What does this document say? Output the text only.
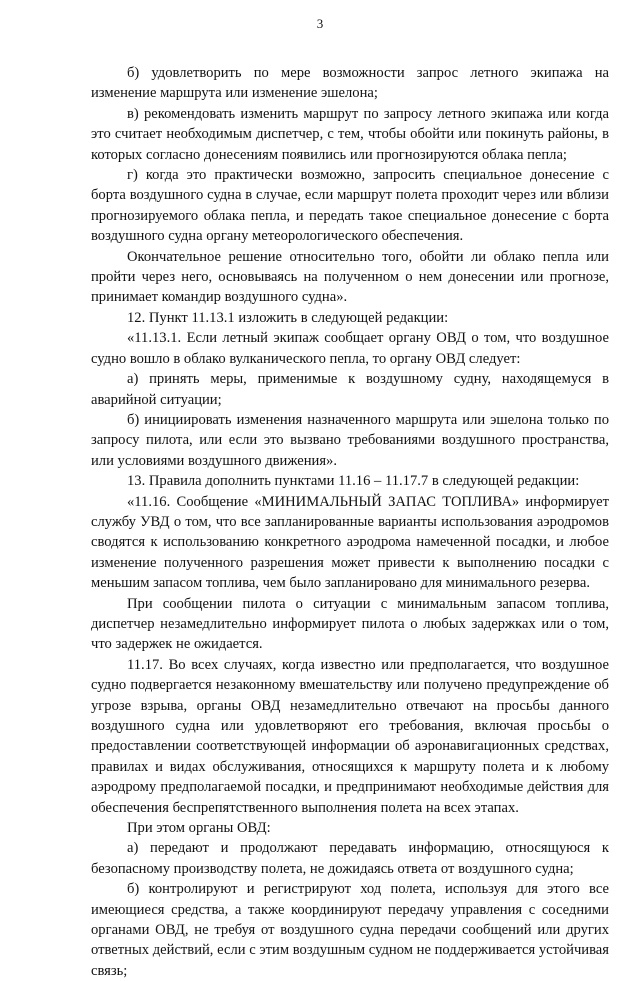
3

б) удовлетворить по мере возможности запрос летного экипажа на изменение маршрута или изменение эшелона;

в) рекомендовать изменить маршрут по запросу летного экипажа или когда это считает необходимым диспетчер, с тем, чтобы обойти или покинуть районы, в которых согласно донесениям появились или прогнозируются облака пепла;

г) когда это практически возможно, запросить специальное донесение с борта воздушного судна в случае, если маршрут полета проходит через или вблизи прогнозируемого облака пепла, и передать такое специальное донесение с борта воздушного судна органу метеорологического обеспечения.

Окончательное решение относительно того, обойти ли облако пепла или пройти через него, основываясь на полученном о нем донесении или прогнозе, принимает командир воздушного судна».

12. Пункт 11.13.1 изложить в следующей редакции:

«11.13.1. Если летный экипаж сообщает органу ОВД о том, что воздушное судно вошло в облако вулканического пепла, то органу ОВД следует:

а) принять меры, применимые к воздушному судну, находящемуся в аварийной ситуации;

б) инициировать изменения назначенного маршрута или эшелона только по запросу пилота, или если это вызвано требованиями воздушного пространства, или условиями воздушного движения».

13. Правила дополнить пунктами 11.16 – 11.17.7 в следующей редакции:

«11.16. Сообщение «МИНИМАЛЬНЫЙ ЗАПАС ТОПЛИВА» информирует службу УВД о том, что все запланированные варианты использования аэродромов сводятся к использованию конкретного аэродрома намеченной посадки, и любое изменение полученного разрешения может привести к выполнению посадки с меньшим запасом топлива, чем было запланировано для минимального резерва.

При сообщении пилота о ситуации с минимальным запасом топлива, диспетчер незамедлительно информирует пилота о любых задержках или о том, что задержек не ожидается.

11.17. Во всех случаях, когда известно или предполагается, что воздушное судно подвергается незаконному вмешательству или получено предупреждение об угрозе взрыва, органы ОВД незамедлительно отвечают на просьбы данного воздушного судна или удовлетворяют его требования, включая просьбы о предоставлении соответствующей информации об аэронавигационных средствах, правилах и видах обслуживания, относящихся к маршруту полета и к любому аэродрому предполагаемой посадки, и предпринимают необходимые действия для обеспечения беспрепятственного выполнения полета на всех этапах.

При этом органы ОВД:

а) передают и продолжают передавать информацию, относящуюся к безопасному производству полета, не дожидаясь ответа от воздушного судна;

б) контролируют и регистрируют ход полета, используя для этого все имеющиеся средства, а также координируют передачу управления с соседними органами ОВД, не требуя от воздушного судна передачи сообщений или других ответных действий, если с этим воздушным судном не поддерживается устойчивая связь;
